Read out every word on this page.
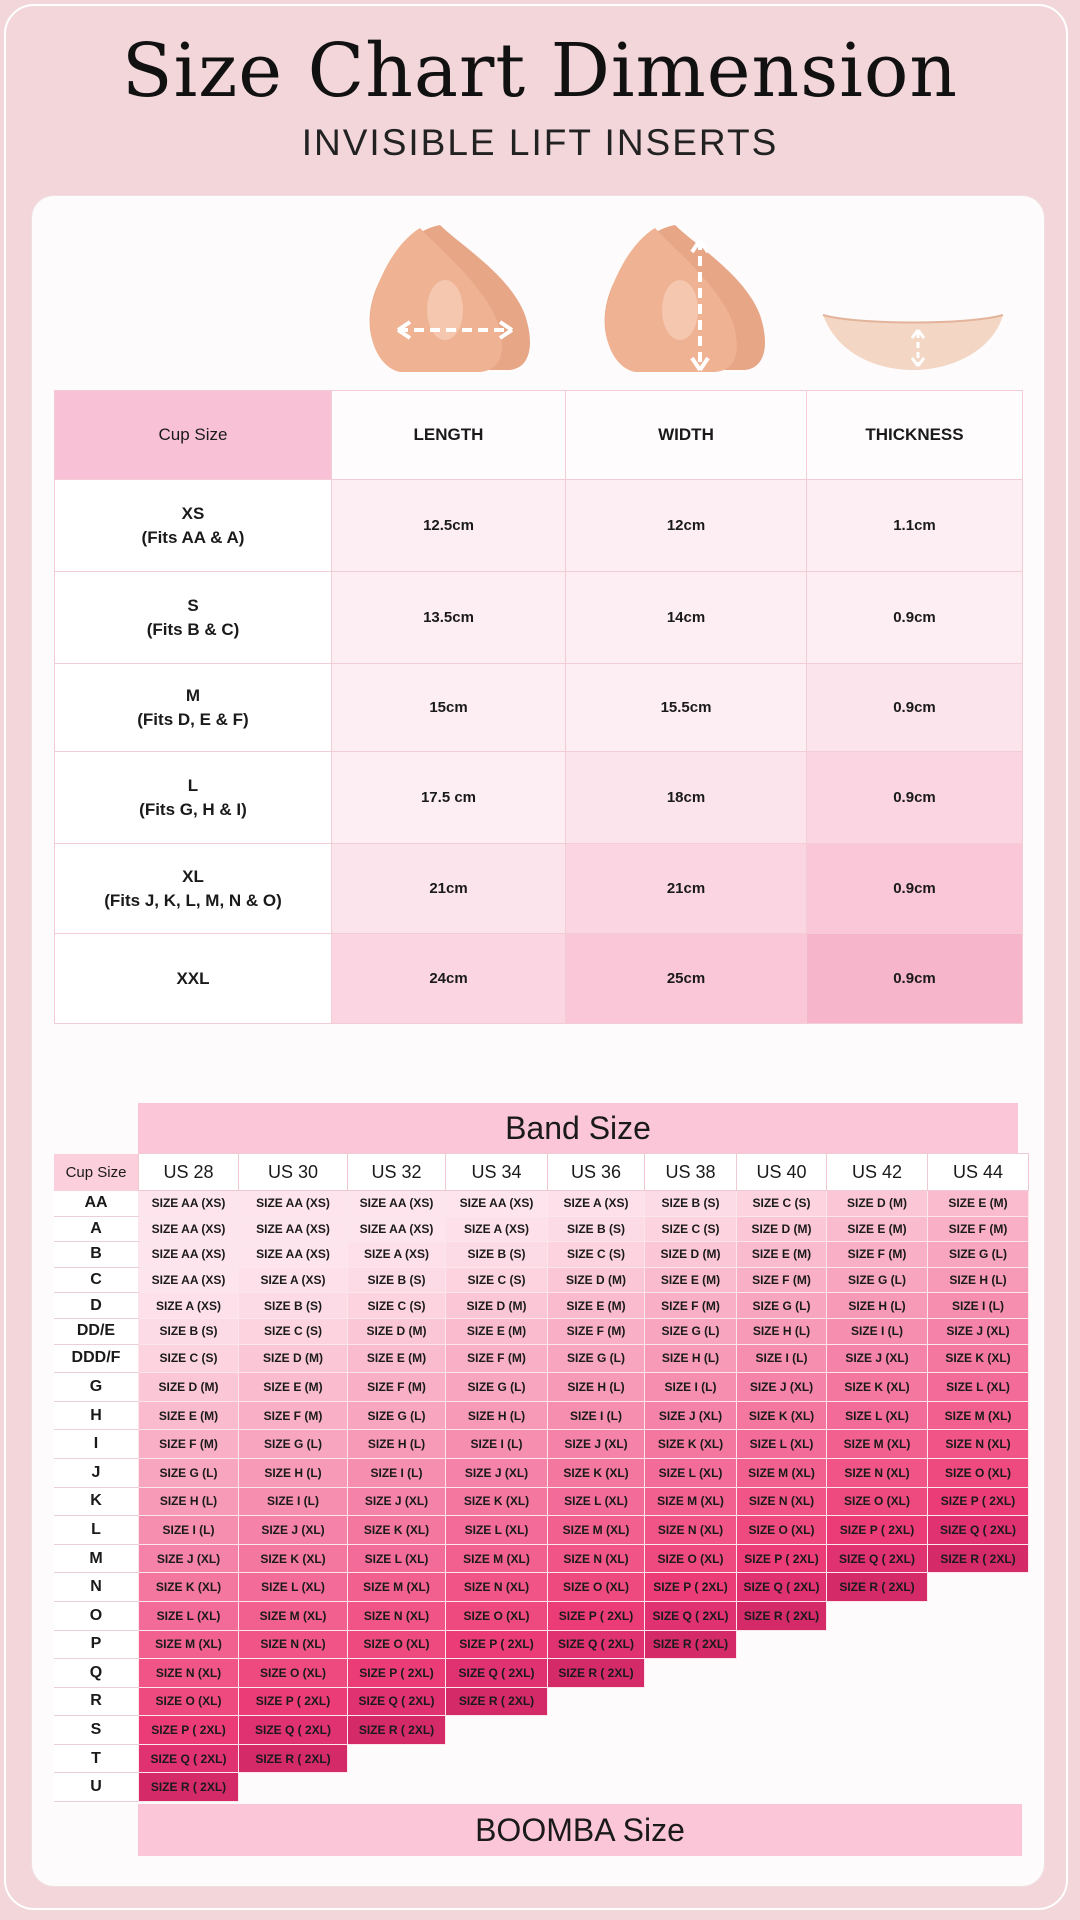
Size Chart Dimension
INVISIBLE LIFT INSERTS
Cup Size	LENGTH	WIDTH	THICKNESS

XS
(Fits AA & A)	12.5cm	12cm	1.1cm

S
(Fits B & C)	13.5cm	14cm	0.9cm

M
(Fits D, E & F)	15cm	15.5cm	0.9cm

L
(Fits G, H & I)	17.5 cm	18cm	0.9cm

XL
(Fits J, K, L, M, N & O)	21cm	21cm	0.9cm

XXL	24cm	25cm	0.9cm
Band Size
Cup Size	US 28	US 30	US 32	US 34	US 36	US 38	US 40	US 42	US 44
AA	SIZE AA (XS)	SIZE AA (XS)	SIZE AA (XS)	SIZE AA (XS)	SIZE A (XS)	SIZE B (S)	SIZE C (S)	SIZE D (M)	SIZE E (M)
A	SIZE AA (XS)	SIZE AA (XS)	SIZE AA (XS)	SIZE A (XS)	SIZE B (S)	SIZE C (S)	SIZE D (M)	SIZE E (M)	SIZE F (M)
B	SIZE AA (XS)	SIZE AA (XS)	SIZE A (XS)	SIZE B (S)	SIZE C (S)	SIZE D (M)	SIZE E (M)	SIZE F (M)	SIZE G (L)
C	SIZE AA (XS)	SIZE A (XS)	SIZE B (S)	SIZE C (S)	SIZE D (M)	SIZE E (M)	SIZE F (M)	SIZE G (L)	SIZE H (L)
D	SIZE A (XS)	SIZE B (S)	SIZE C (S)	SIZE D (M)	SIZE E (M)	SIZE F (M)	SIZE G (L)	SIZE H (L)	SIZE I (L)
DD/E	SIZE B (S)	SIZE C (S)	SIZE D (M)	SIZE E (M)	SIZE F (M)	SIZE G (L)	SIZE H (L)	SIZE I (L)	SIZE J (XL)
DDD/F	SIZE C (S)	SIZE D (M)	SIZE E (M)	SIZE F (M)	SIZE G (L)	SIZE H (L)	SIZE I (L)	SIZE J (XL)	SIZE K (XL)
G	SIZE D (M)	SIZE E (M)	SIZE F (M)	SIZE G (L)	SIZE H (L)	SIZE I (L)	SIZE J (XL)	SIZE K (XL)	SIZE L (XL)
H	SIZE E (M)	SIZE F (M)	SIZE G (L)	SIZE H (L)	SIZE I (L)	SIZE J (XL)	SIZE K (XL)	SIZE L (XL)	SIZE M (XL)
I	SIZE F (M)	SIZE G (L)	SIZE H (L)	SIZE I (L)	SIZE J (XL)	SIZE K (XL)	SIZE L (XL)	SIZE M (XL)	SIZE N (XL)
J	SIZE G (L)	SIZE H (L)	SIZE I (L)	SIZE J (XL)	SIZE K (XL)	SIZE L (XL)	SIZE M (XL)	SIZE N (XL)	SIZE O (XL)
K	SIZE H (L)	SIZE I (L)	SIZE J (XL)	SIZE K (XL)	SIZE L (XL)	SIZE M (XL)	SIZE N (XL)	SIZE O (XL)	SIZE P ( 2XL)
L	SIZE I (L)	SIZE J (XL)	SIZE K (XL)	SIZE L (XL)	SIZE M (XL)	SIZE N (XL)	SIZE O (XL)	SIZE P ( 2XL)	SIZE Q ( 2XL)
M	SIZE J (XL)	SIZE K (XL)	SIZE L (XL)	SIZE M (XL)	SIZE N (XL)	SIZE O (XL)	SIZE P ( 2XL)	SIZE Q ( 2XL)	SIZE R ( 2XL)
N	SIZE K (XL)	SIZE L (XL)	SIZE M (XL)	SIZE N (XL)	SIZE O (XL)	SIZE P ( 2XL)	SIZE Q ( 2XL)	SIZE R ( 2XL)	
O	SIZE L (XL)	SIZE M (XL)	SIZE N (XL)	SIZE O (XL)	SIZE P ( 2XL)	SIZE Q ( 2XL)	SIZE R ( 2XL)		
P	SIZE M (XL)	SIZE N (XL)	SIZE O (XL)	SIZE P ( 2XL)	SIZE Q ( 2XL)	SIZE R ( 2XL)			
Q	SIZE N (XL)	SIZE O (XL)	SIZE P ( 2XL)	SIZE Q ( 2XL)	SIZE R ( 2XL)				
R	SIZE O (XL)	SIZE P ( 2XL)	SIZE Q ( 2XL)	SIZE R ( 2XL)					
S	SIZE P ( 2XL)	SIZE Q ( 2XL)	SIZE R ( 2XL)						
T	SIZE Q ( 2XL)	SIZE R ( 2XL)							
U	SIZE R ( 2XL)								
BOOMBA Size
